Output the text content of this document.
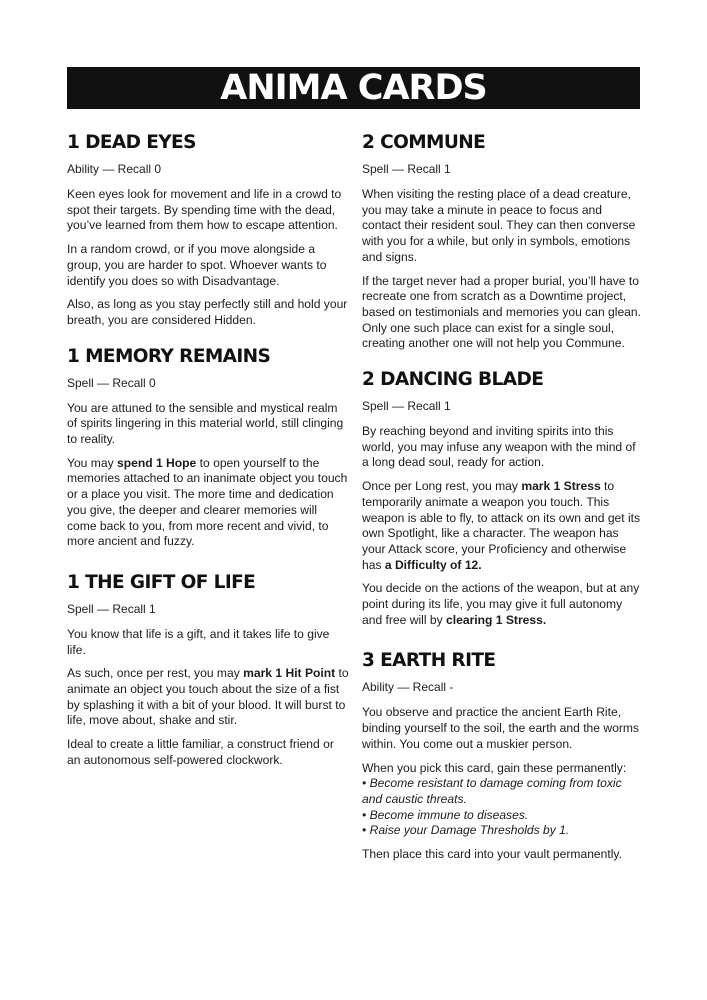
ANIMA CARDS
1 DEAD EYES
Ability — Recall 0

Keen eyes look for movement and life in a crowd to spot their targets. By spending time with the dead, you’ve learned from them how to escape attention.

In a random crowd, or if you move alongside a group, you are harder to spot. Whoever wants to identify you does so with Disadvantage.

Also, as long as you stay perfectly still and hold your breath, you are considered Hidden.

1 MEMORY REMAINS
Spell — Recall 0

You are attuned to the sensible and mystical realm of spirits lingering in this material world, still clinging to reality.

You may spend 1 Hope to open yourself to the memories attached to an inanimate object you touch or a place you visit. The more time and dedication you give, the deeper and clearer memories will come back to you, from more recent and vivid, to more ancient and fuzzy.

1 THE GIFT OF LIFE
Spell — Recall 1

You know that life is a gift, and it takes life to give life.

As such, once per rest, you may mark 1 Hit Point to animate an object you touch about the size of a fist by splashing it with a bit of your blood. It will burst to life, move about, shake and stir.

Ideal to create a little familiar, a construct friend or an autonomous self-powered clockwork.

2 COMMUNE
Spell — Recall 1

When visiting the resting place of a dead creature, you may take a minute in peace to focus and contact their resident soul. They can then converse with you for a while, but only in symbols, emotions and signs.

If the target never had a proper burial, you’ll have to recreate one from scratch as a Downtime project, based on testimonials and memories you can glean. Only one such place can exist for a single soul, creating another one will not help you Commune.

2 DANCING BLADE
Spell — Recall 1

By reaching beyond and inviting spirits into this world, you may infuse any weapon with the mind of a long dead soul, ready for action.

Once per Long rest, you may mark 1 Stress to temporarily animate a weapon you touch. This weapon is able to fly, to attack on its own and get its own Spotlight, like a character. The weapon has your Attack score, your Proficiency and otherwise has a Difficulty of 12.

You decide on the actions of the weapon, but at any point during its life, you may give it full autonomy and free will by clearing 1 Stress.

3 EARTH RITE
Ability — Recall -

You observe and practice the ancient Earth Rite, binding yourself to the soil, the earth and the worms within. You come out a muskier person.

When you pick this card, gain these permanently:

• Become resistant to damage coming from toxic and caustic threats.
• Become immune to diseases.
• Raise your Damage Thresholds by 1.

Then place this card into your vault permanently.
